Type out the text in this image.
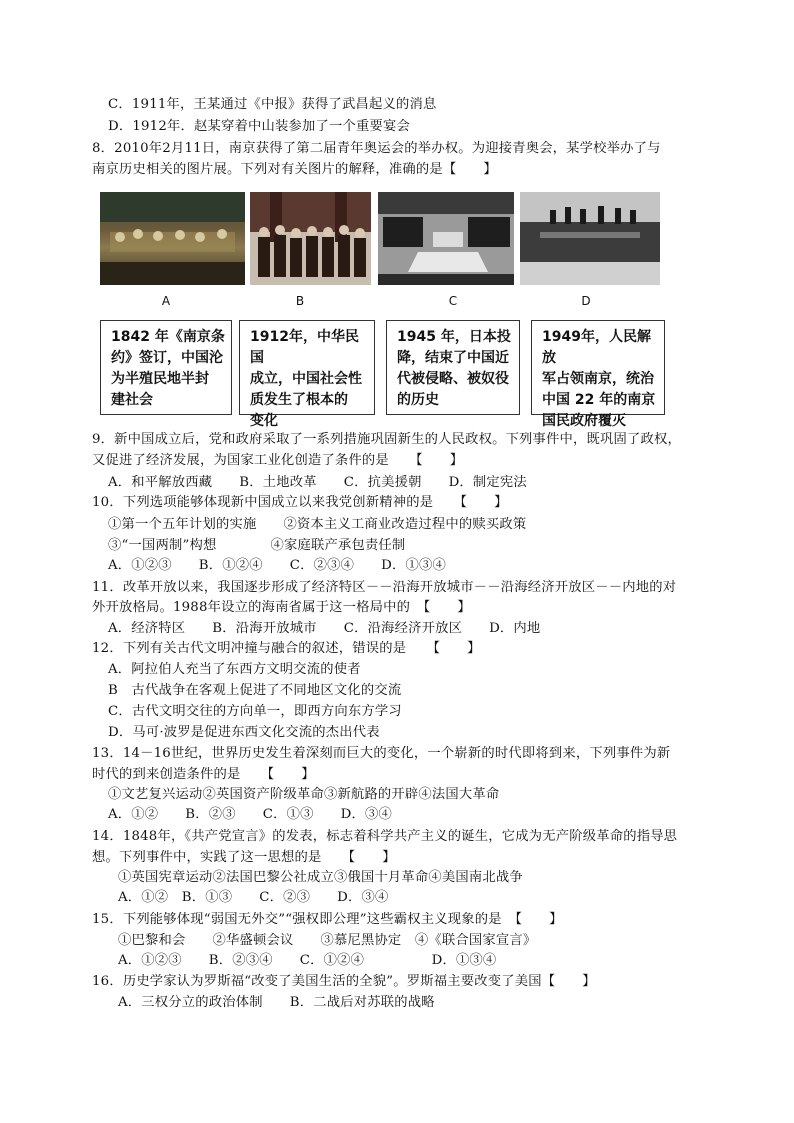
C．1911年，王某通过《中报》获得了武昌起义的消息
D．1912年．赵某穿着中山装参加了一个重要宴会
8．2010年2月11日，南京获得了第二届青年奥运会的举办权。为迎接青奥会，某学校举办了与
南京历史相关的图片展。下列对有关图片的解释，准确的是【　　】
A	B	C	D
1842 年《南京条
约》签订，中国沦
为半殖民地半封
建社会
1912年，中华民国
成立，中国社会性
质发生了根本的
变化
1945 年，日本投
降，结束了中国近
代被侵略、被奴役
的历史
1949年，人民解放
军占领南京，统治
中国 22 年的南京
国民政府覆灭
9．新中国成立后，党和政府采取了一系列措施巩固新生的人民政权。下列事件中，既巩固了政权，
又促进了经济发展，为国家工业化创造了条件的是　　【　　】
A．和平解放西藏　　B．土地改革　　C．抗美援朝　　D．制定宪法
10．下列选项能够体现新中国成立以来我党创新精神的是　　【　　】
①第一个五年计划的实施　　②资本主义工商业改造过程中的赎买政策
③“一国两制”构想　　　　④家庭联产承包责任制
A．①②③　　B．①②④　　C．②③④　　D．①③④
11．改革开放以来，我国逐步形成了经济特区－－沿海开放城市－－沿海经济开放区－－内地的对
外开放格局。1988年设立的海南省属于这一格局中的　【　　】
A．经济特区　　B．沿海开放城市　　C．沿海经济开放区　　D．内地
12．下列有关古代文明冲撞与融合的叙述，错误的是　　【　　】
A．阿拉伯人充当了东西方文明交流的使者
B　古代战争在客观上促进了不同地区文化的交流
C．古代文明交往的方向单一，即西方向东方学习
D．马可·波罗是促进东西文化交流的杰出代表
13．14－16世纪，世界历史发生着深刻而巨大的变化，一个崭新的时代即将到来，下列事件为新
时代的到来创造条件的是　　【　　】
①文艺复兴运动②英国资产阶级革命③新航路的开辟④法国大革命
A．①②　　B．②③　　C．①③　　D．③④
14．1848年，《共产党宣言》的发表，标志着科学共产主义的诞生，它成为无产阶级革命的指导思
想。下列事件中，实践了这一思想的是　　【　　】
①英国宪章运动②法国巴黎公社成立③俄国十月革命④美国南北战争
A．①②　B．①③　　C．②③　　D．③④
15．下列能够体现“弱国无外交”“强权即公理”这些霸权主义现象的是　【　　】
①巴黎和会　　②华盛顿会议　　③慕尼黑协定　④《联合国家宣言》
A．①②③　　B．②③④　　C．①②④　　　　　D．①③④
16．历史学家认为罗斯福“改变了美国生活的全貌”。罗斯福主要改变了美国【　　】
A．三权分立的政治体制　　B．二战后对苏联的战略
